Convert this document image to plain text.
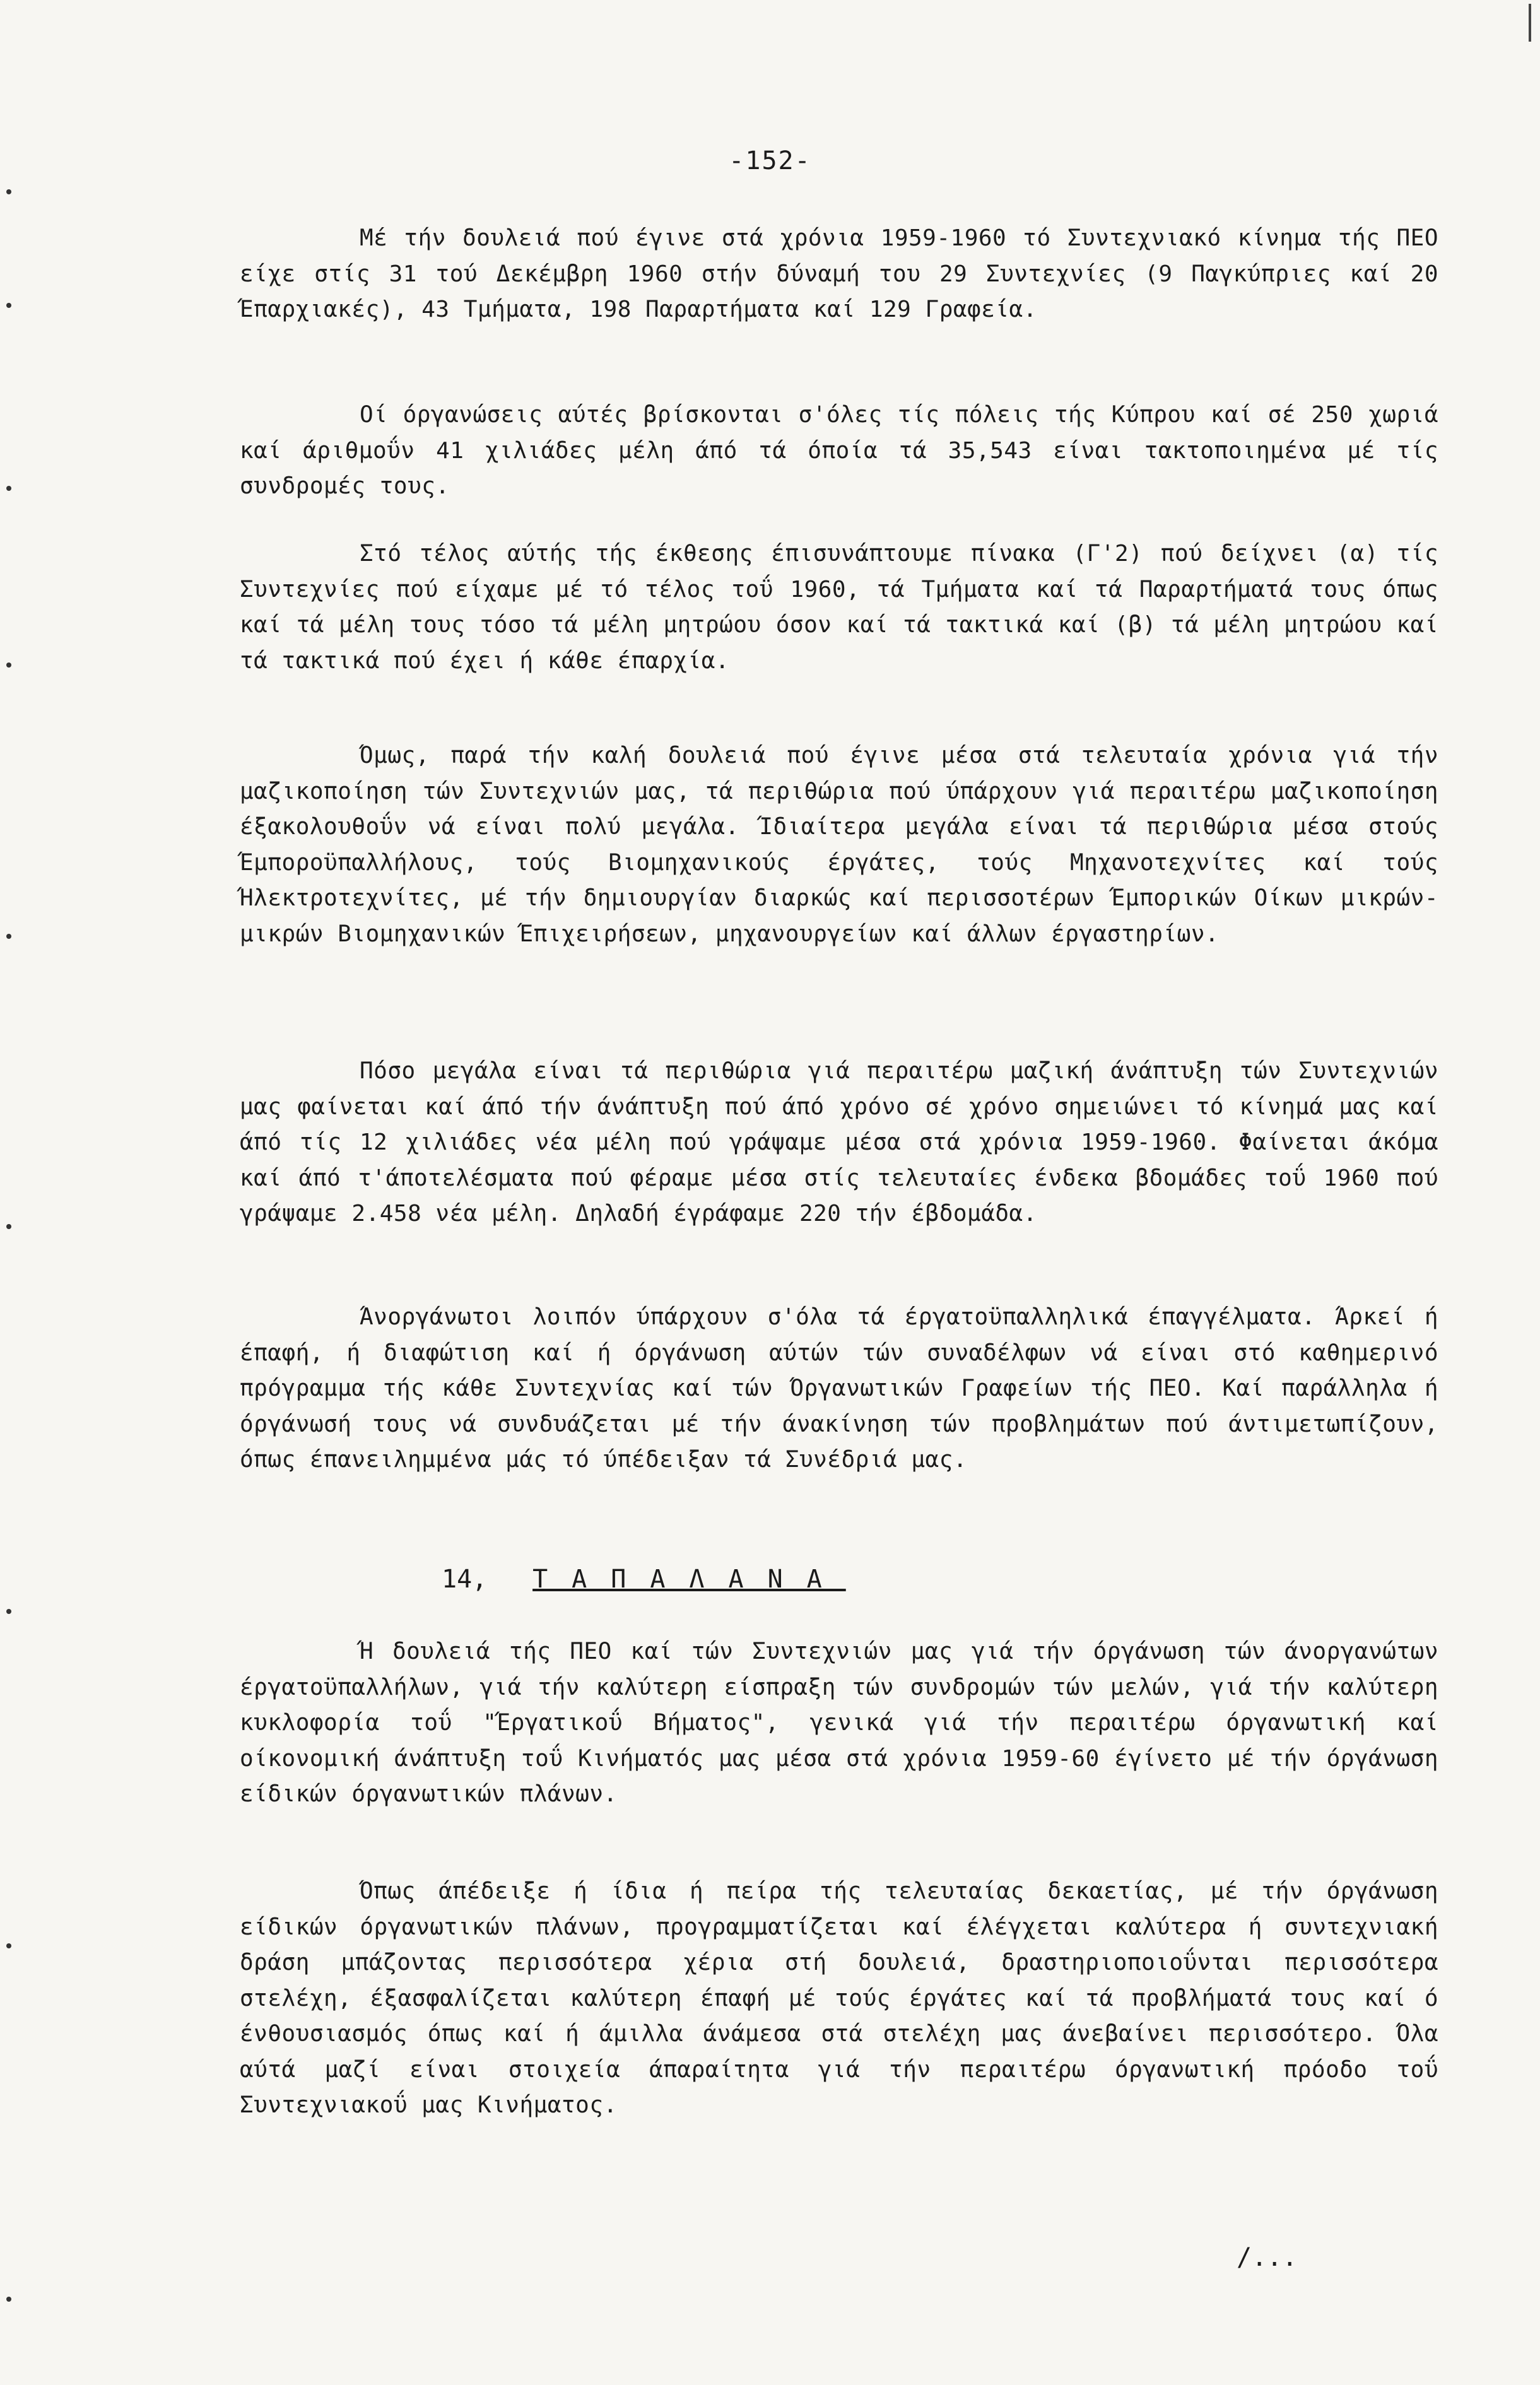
-152-

Μέ τήν δουλειά πού έγινε στά χρόνια 1959-1960 τό Συντεχνιακό κίνημα τής ΠΕΟ είχε στίς 31 τού Δεκέμβρη 1960 στήν δύναμή του 29 Συντεχνίες (9 Παγκύπριες καί 20 Έπαρχιακές), 43 Τμήματα, 198 Παραρτήματα καί 129 Γραφεία.

Οί όργανώσεις αύτές βρίσκονται σ'όλες τίς πόλεις τής Κύπρου καί σέ 250 χωριά καί άριθμοΰν 41 χιλιάδες μέλη άπό τά όποία τά 35,543 είναι τακτοποιημένα μέ τίς συνδρομές τους.

Στό τέλος αύτής τής έκθεσης έπισυνάπτουμε πίνακα (Γ'2) πού δείχνει (α) τίς Συντεχνίες πού είχαμε μέ τό τέλος τοΰ 1960, τά Τμήματα καί τά Παραρτήματά τους όπως καί τά μέλη τους τόσο τά μέλη μητρώου όσον καί τά τακτικά καί (β) τά μέλη μητρώου καί τά τακτικά πού έχει ή κάθε έπαρχία.

Όμως, παρά τήν καλή δουλειά πού έγινε μέσα στά τελευταία χρόνια γιά τήν μαζικοποίηση τών Συντεχνιών μας, τά περιθώρια πού ύπάρχουν γιά περαιτέρω μαζικοποίηση έξακολουθοΰν νά είναι πολύ μεγάλα. Ίδιαίτερα μεγάλα είναι τά περιθώρια μέσα στούς Έμποροϋπαλλήλους, τούς Βιομηχανικούς έργάτες, τούς Μηχανοτεχνίτες καί τούς Ήλεκτροτεχνίτες, μέ τήν δημιουργίαν διαρκώς καί περισσοτέρων Έμπορικών Οίκων μικρών-μικρών Βιομηχανικών Έπιχειρήσεων, μηχανουργείων καί άλλων έργαστηρίων.

Πόσο μεγάλα είναι τά περιθώρια γιά περαιτέρω μαζική άνάπτυξη τών Συντεχνιών μας φαίνεται καί άπό τήν άνάπτυξη πού άπό χρόνο σέ χρόνο σημειώνει τό κίνημά μας καί άπό τίς 12 χιλιάδες νέα μέλη πού γράψαμε μέσα στά χρόνια 1959-1960. Φαίνεται άκόμα καί άπό τ'άποτελέσματα πού φέραμε μέσα στίς τελευταίες ένδεκα βδομάδες τοΰ 1960 πού γράψαμε 2.458 νέα μέλη. Δηλαδή έγράφαμε 220 τήν έβδομάδα.

Άνοργάνωτοι λοιπόν ύπάρχουν σ'όλα τά έργατοϋπαλληλικά έπαγγέλματα. Άρκεί ή έπαφή, ή διαφώτιση καί ή όργάνωση αύτών τών συναδέλφων νά είναι στό καθημερινό πρόγραμμα τής κάθε Συντεχνίας καί τών Όργανωτικών Γραφείων τής ΠΕΟ. Καί παράλληλα ή όργάνωσή τους νά συνδυάζεται μέ τήν άνακίνηση τών προβλημάτων πού άντιμετωπίζουν, όπως έπανειλημμένα μάς τό ύπέδειξαν τά Συνέδριά μας.

14, ΤΑΠΑΛΑΝΑ

Ή δουλειά τής ΠΕΟ καί τών Συντεχνιών μας γιά τήν όργάνωση τών άνοργανώτων έργατοϋπαλλήλων, γιά τήν καλύτερη είσπραξη τών συνδρομών τών μελών, γιά τήν καλύτερη κυκλοφορία τοΰ "Έργατικοΰ Βήματος", γενικά γιά τήν περαιτέρω όργανωτική καί οίκονομική άνάπτυξη τοΰ Κινήματός μας μέσα στά χρόνια 1959-60 έγίνετο μέ τήν όργάνωση είδικών όργανωτικών πλάνων.

Όπως άπέδειξε ή ίδια ή πείρα τής τελευταίας δεκαετίας, μέ τήν όργάνωση είδικών όργανωτικών πλάνων, προγραμματίζεται καί έλέγχεται καλύτερα ή συντεχνιακή δράση μπάζοντας περισσότερα χέρια στή δουλειά, δραστηριοποιοΰνται περισσότερα στελέχη, έξασφαλίζεται καλύτερη έπαφή μέ τούς έργάτες καί τά προβλήματά τους καί ό ένθουσιασμός όπως καί ή άμιλλα άνάμεσα στά στελέχη μας άνεβαίνει περισσότερο. Όλα αύτά μαζί είναι στοιχεία άπαραίτητα γιά τήν περαιτέρω όργανωτική πρόοδο τοΰ Συντεχνιακοΰ μας Κινήματος.

/...
